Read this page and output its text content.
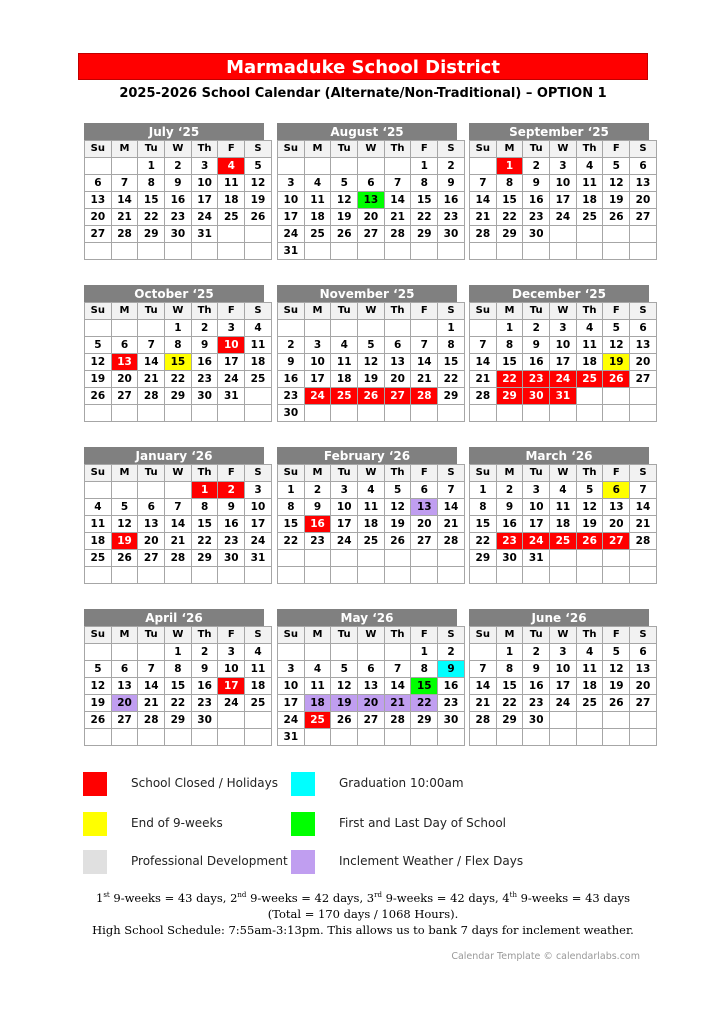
Marmaduke School District
2025-2026 School Calendar (Alternate/Non-Traditional) – OPTION 1
July ‘25
Su	M	Tu	W	Th	F	S
		1	2	3	4	5
6	7	8	9	10	11	12
13	14	15	16	17	18	19
20	21	22	23	24	25	26
27	28	29	30	31		

August ‘25
Su	M	Tu	W	Th	F	S
					1	2
3	4	5	6	7	8	9
10	11	12	13	14	15	16
17	18	19	20	21	22	23
24	25	26	27	28	29	30
31						
September ‘25
Su	M	Tu	W	Th	F	S
	1	2	3	4	5	6
7	8	9	10	11	12	13
14	15	16	17	18	19	20
21	22	23	24	25	26	27
28	29	30				

October ‘25
Su	M	Tu	W	Th	F	S
			1	2	3	4
5	6	7	8	9	10	11
12	13	14	15	16	17	18
19	20	21	22	23	24	25
26	27	28	29	30	31	

November ‘25
Su	M	Tu	W	Th	F	S
						1
2	3	4	5	6	7	8
9	10	11	12	13	14	15
16	17	18	19	20	21	22
23	24	25	26	27	28	29
30						
December ‘25
Su	M	Tu	W	Th	F	S
	1	2	3	4	5	6
7	8	9	10	11	12	13
14	15	16	17	18	19	20
21	22	23	24	25	26	27
28	29	30	31			

January ‘26
Su	M	Tu	W	Th	F	S
				1	2	3
4	5	6	7	8	9	10
11	12	13	14	15	16	17
18	19	20	21	22	23	24
25	26	27	28	29	30	31

February ‘26
Su	M	Tu	W	Th	F	S
1	2	3	4	5	6	7
8	9	10	11	12	13	14
15	16	17	18	19	20	21
22	23	24	25	26	27	28

March ‘26
Su	M	Tu	W	Th	F	S
1	2	3	4	5	6	7
8	9	10	11	12	13	14
15	16	17	18	19	20	21
22	23	24	25	26	27	28
29	30	31				

April ‘26
Su	M	Tu	W	Th	F	S
			1	2	3	4
5	6	7	8	9	10	11
12	13	14	15	16	17	18
19	20	21	22	23	24	25
26	27	28	29	30		

May ‘26
Su	M	Tu	W	Th	F	S
					1	2
3	4	5	6	7	8	9
10	11	12	13	14	15	16
17	18	19	20	21	22	23
24	25	26	27	28	29	30
31						
June ‘26
Su	M	Tu	W	Th	F	S
	1	2	3	4	5	6
7	8	9	10	11	12	13
14	15	16	17	18	19	20
21	22	23	24	25	26	27
28	29	30				

School Closed / Holidays	Graduation 10:00am
End of 9-weeks	First and Last Day of School
Professional Development	Inclement Weather / Flex Days
1st 9-weeks = 43 days, 2nd 9-weeks = 42 days, 3rd 9-weeks = 42 days, 4th 9-weeks = 43 days
(Total = 170 days / 1068 Hours).
High School Schedule: 7:55am-3:13pm. This allows us to bank 7 days for inclement weather.
Calendar Template © calendarlabs.com
